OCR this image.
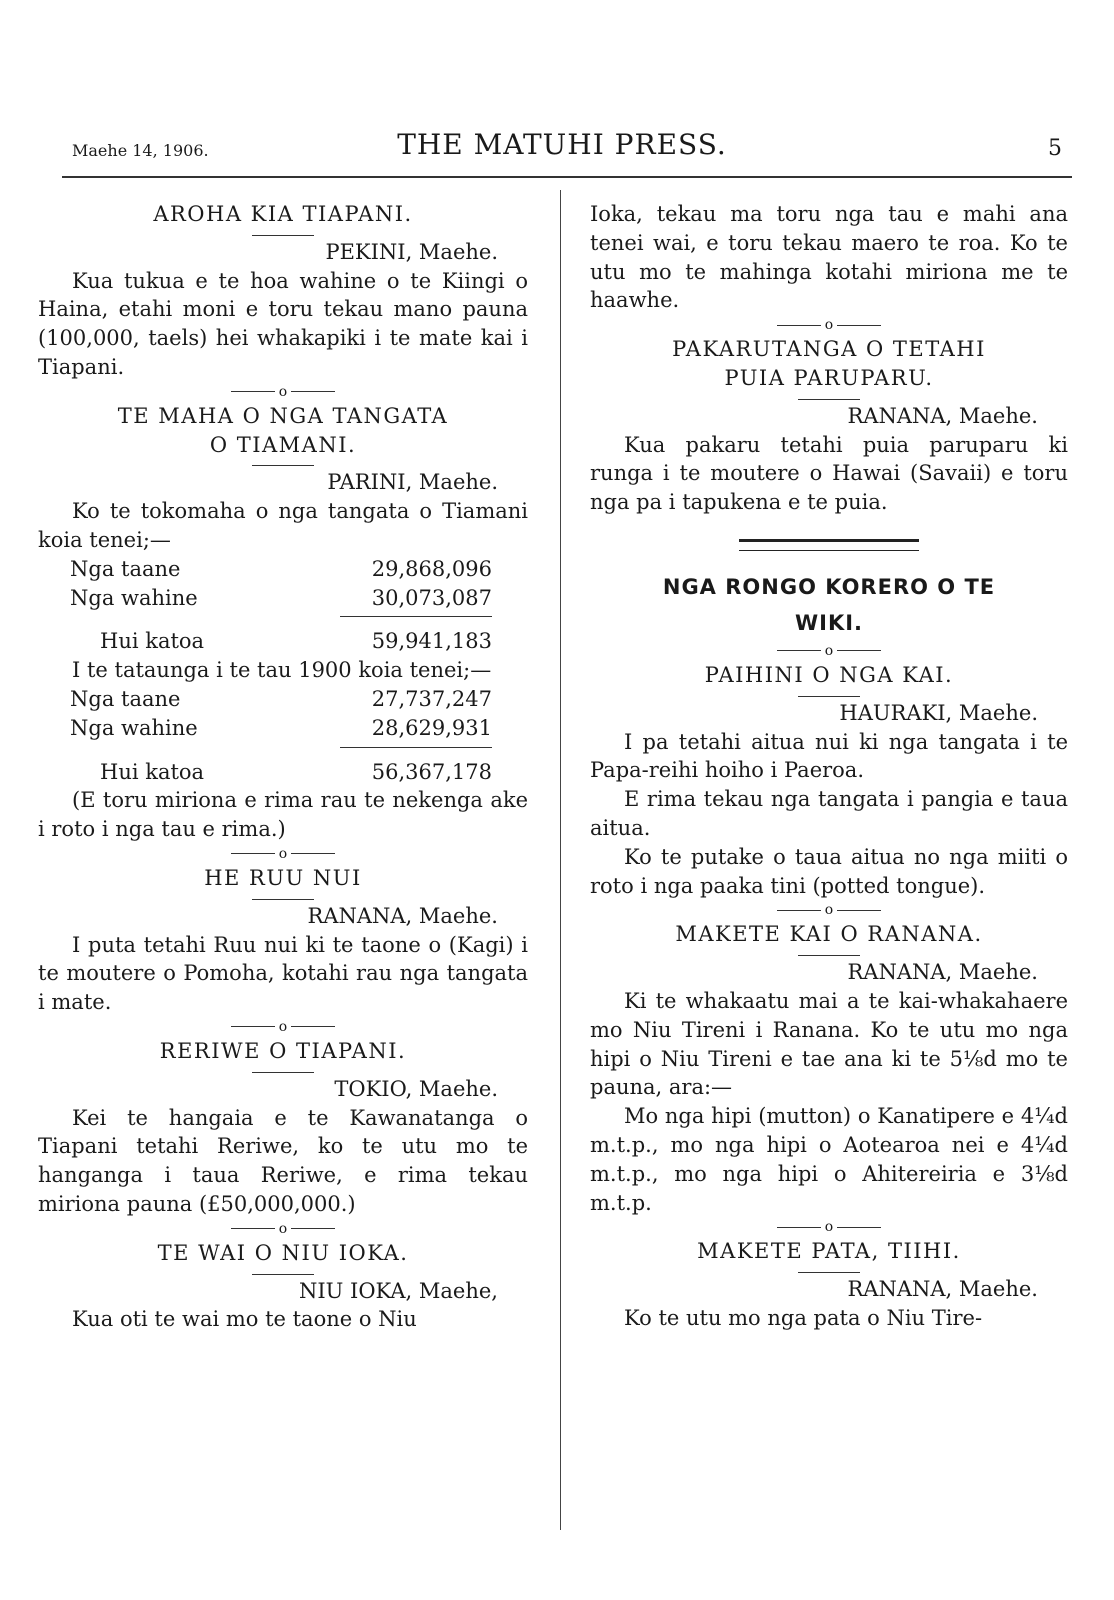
Maehe 14, 1906.	THE MATUHI PRESS.	5

AROHA KIA TIAPANI.

PEKINI, Maehe.

Kua tukua e te hoa wahine o te Kiingi o Haina, etahi moni e toru tekau mano pauna (100,000, taels) hei whakapiki i te mate kai i Tiapani.

o

TE MAHA O NGA TANGATA

O TIAMANI.

PARINI, Maehe.

Ko te tokomaha o nga tangata o Tiamani koia tenei;—

Nga taane	29,868,096
Nga wahine	30,073,087
Hui katoa	59,941,183

I te tataunga i te tau 1900 koia tenei;—

Nga taane	27,737,247
Nga wahine	28,629,931
Hui katoa	56,367,178

(E toru miriona e rima rau te nekenga ake i roto i nga tau e rima.)

o

HE RUU NUI

RANANA, Maehe.

I puta tetahi Ruu nui ki te taone o (Kagi) i te moutere o Pomoha, kotahi rau nga tangata i mate.

o

RERIWE O TIAPANI.

TOKIO, Maehe.

Kei te hangaia e te Kawanatanga o Tiapani tetahi Reriwe, ko te utu mo te hanganga i taua Reriwe, e rima tekau miriona pauna (£50,000,000.)

o

TE WAI O NIU IOKA.

NIU IOKA, Maehe,

Kua oti te wai mo te taone o Niu

Ioka, tekau ma toru nga tau e mahi ana tenei wai, e toru tekau maero te roa. Ko te utu mo te mahinga kotahi miriona me te haawhe.

o

PAKARUTANGA O TETAHI

PUIA PARUPARU.

RANANA, Maehe.

Kua pakaru tetahi puia paruparu ki runga i te moutere o Hawai (Savaii) e toru nga pa i tapukena e te puia.

NGA RONGO KORERO O TE

WIKI.

o

PAIHINI O NGA KAI.

HAURAKI, Maehe.

I pa tetahi aitua nui ki nga tangata i te Papa-reihi hoiho i Paeroa.

E rima tekau nga tangata i pangia e taua aitua.

Ko te putake o taua aitua no nga miiti o roto i nga paaka tini (potted tongue).

o

MAKETE KAI O RANANA.

RANANA, Maehe.

Ki te whakaatu mai a te kai-whakahaere mo Niu Tireni i Ranana. Ko te utu mo nga hipi o Niu Tireni e tae ana ki te 5⅛d mo te pauna, ara:—

Mo nga hipi (mutton) o Kanatipere e 4¼d m.t.p., mo nga hipi o Aotearoa nei e 4¼d m.t.p., mo nga hipi o Ahitereiria e 3⅛d m.t.p.

o

MAKETE PATA, TIIHI.

RANANA, Maehe.

Ko te utu mo nga pata o Niu Tire-
